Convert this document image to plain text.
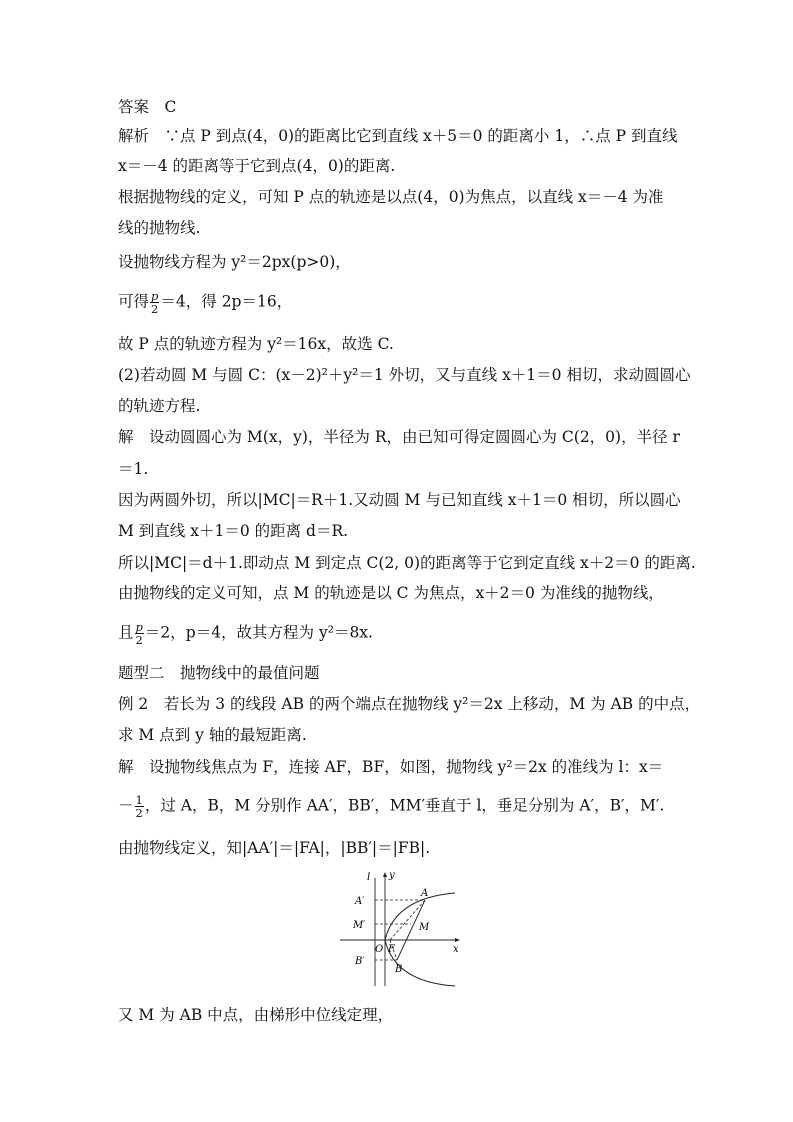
答案　C
解析　∵点 P 到点(4，0)的距离比它到直线 x＋5＝0 的距离小 1，∴点 P 到直线
x＝－4 的距离等于它到点(4，0)的距离.
根据抛物线的定义，可知 P 点的轨迹是以点(4，0)为焦点，以直线 x＝－4 为准
线的抛物线.
设抛物线方程为 y²＝2px(p>0)，
可得 $\frac{p}{2} =4$，得 2p＝16，
故 P 点的轨迹方程为 y²＝16x，故选 C.
(2)若动圆 M 与圆 C：(x－2)²＋y²＝1 外切，又与直线 x＋1＝0 相切，求动圆圆心
的轨迹方程.
解　设动圆圆心为 M(x，y)，半径为 R，由已知可得定圆圆心为 C(2，0)，半径 r
＝1.
因为两圆外切，所以|MC|＝R＋1.又动圆 M 与已知直线 x＋1＝0 相切，所以圆心
M 到直线 x＋1＝0 的距离 d＝R.
所以|MC|＝d＋1.即动点 M 到定点 C(2, 0)的距离等于它到定直线 x＋2＝0 的距离.
由抛物线的定义可知，点 M 的轨迹是以 C 为焦点，x＋2＝0 为准线的抛物线，
且 $\frac{p}{2} =2$，p＝4，故其方程为 y²＝8x.
题型二　抛物线中的最值问题
例 2　若长为 3 的线段 AB 的两个端点在抛物线 y²＝2x 上移动，M 为 AB 的中点，
求 M 点到 y 轴的最短距离.
解　设抛物线焦点为 F，连接 AF，BF，如图，抛物线 y²＝2x 的准线为 l：x＝
－ $\frac{1}{2}$ ，过 A，B，M 分别作 AA′，BB′，MM′垂直于 l，垂足分别为 A′，B′，M′.
由抛物线定义，知|AA′|＝|FA|，|BB′|＝|FB|.
l y
x
A
A′
M′	M
O F
B
B′
又 M 为 AB 中点，由梯形中位线定理，
